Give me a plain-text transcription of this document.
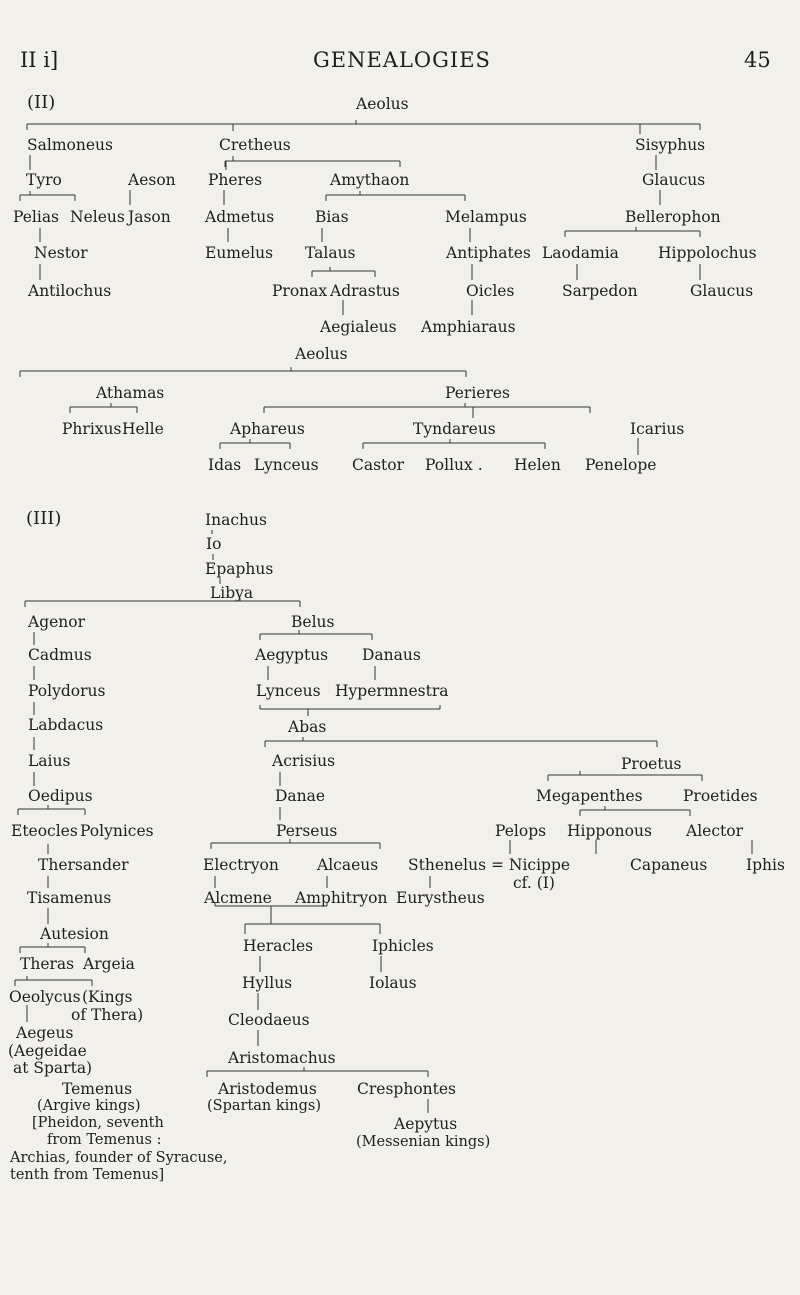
II i]	GENEALOGIES	45
(II)	Aeolus
Salmoneus	Cretheus	Sisyphus
Tyro	Aeson Pheres	Amythaon	Glaucus
Pelias Neleus Jason Admetus	Bias	Melampus	Bellerophon
Nestor	Eumelus Talaus	Antiphates Laodamia	Hippolochus
Antilochus	Pronax Adrastus	Oicles	Sarpedon	Glaucus
Aegialeus Amphiaraus
Aeolus
Athamas	Perieres
Phrixus Helle	Aphareus	Tyndareus	Icarius
Idas Lynceus Castor Pollux . Helen Penelope
(III)	Inachus
Io
Epaphus
Libya
Agenor	Belus
Cadmus	Aegyptus Danaus
Polydorus	Lynceus Hypermnestra
Labdacus	Abas
Laius	Acrisius	Proetus
Oedipus	Danae	Megapenthes	Proetides
Eteocles Polynices	Perseus	Pelops Hipponous Alector
Thersander	Electryon Alcaeus Sthenelus = Nicippe	Capaneus Iphis
cf. (I)
Tisamenus	Alcmene Amphitryon Eurystheus
Autesion
Heracles	Iphicles
Theras Argeia
Hyllus	Iolaus
Oeolycus (Kings
of Thera)	Cleodaeus
Aegeus
(Aegeidae
at Sparta)
Aristomachus
Temenus	Aristodemus	Cresphontes
(Argive kings)	(Spartan kings)
[Pheidon, seventh	Aepytus
from Temenus :	(Messenian kings)
Archias, founder of Syracuse,
tenth from Temenus]
